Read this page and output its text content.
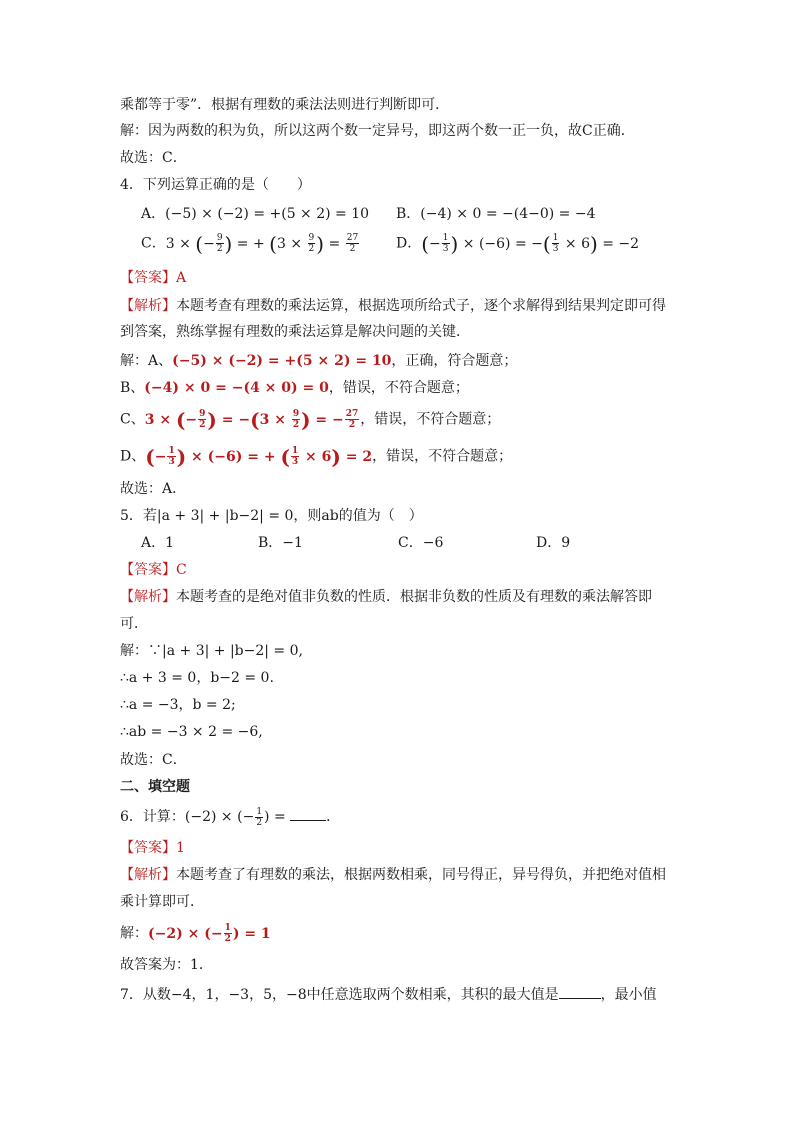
乘都等于零”．根据有理数的乘法法则进行判断即可．
解：因为两数的积为负，所以这两个数一定异号，即这两个数一正一负，故C正确．
故选：C．
4．下列运算正确的是（　　）
A．(−5) × (−2) = +(5 × 2) = 10 B．(−4) × 0 = −(4−0) = −4
C．3 × (− $\frac{9}{2}$ ) = + ($3 \times \frac{9}{2}$ ) = $\frac{27}{2}$	D．(− $\frac{1}{3}$ ) × (−6) = −( $\frac{1}{3} \times 6) = -2$
【答案】A
【解析】本题考查有理数的乘法运算，根据选项所给式子，逐个求解得到结果判定即可得
到答案，熟练掌握有理数的乘法运算是解决问题的关键．
解：A、(−5) × (−2) = +(5 × 2) = 10，正确，符合题意；
B、(−4) × 0 = −(4 × 0) = 0，错误，不符合题意；
C、3 × (− $\frac{9}{2}$ ) = $-(3 \times \frac{9}{2}$ ) = − $\frac{27}{2}$ ，错误，不符合题意；
D、(− $\frac{1}{3}$ ) × (−6) = + ( $\frac{1}{3} \times 6) = 2$，错误，不符合题意；
故选：A．
5．若|a + 3| + |b−2| = 0，则ab的值为（　）
A．1	B．−1	C．−6	D．9
【答案】C
【解析】本题考查的是绝对值非负数的性质．根据非负数的性质及有理数的乘法解答即
可．
解：∵|a + 3| + |b−2| = 0,
∴a + 3 = 0，b−2 = 0.
∴a = −3，b = 2;
∴ab = −3 × 2 = −6,
故选：C．
二、填空题
6．计算：(−2) × (− $\frac{1}{2}$ ) =	．
【答案】1
【解析】本题考查了有理数的乘法，根据两数相乘，同号得正，异号得负，并把绝对值相
乘计算即可．
解：(−2) × (− $\frac{1}{2}$ ) = 1
故答案为：1．
7．从数−4，1，−3，5，−8中任意选取两个数相乘，其积的最大值是	，最小值
